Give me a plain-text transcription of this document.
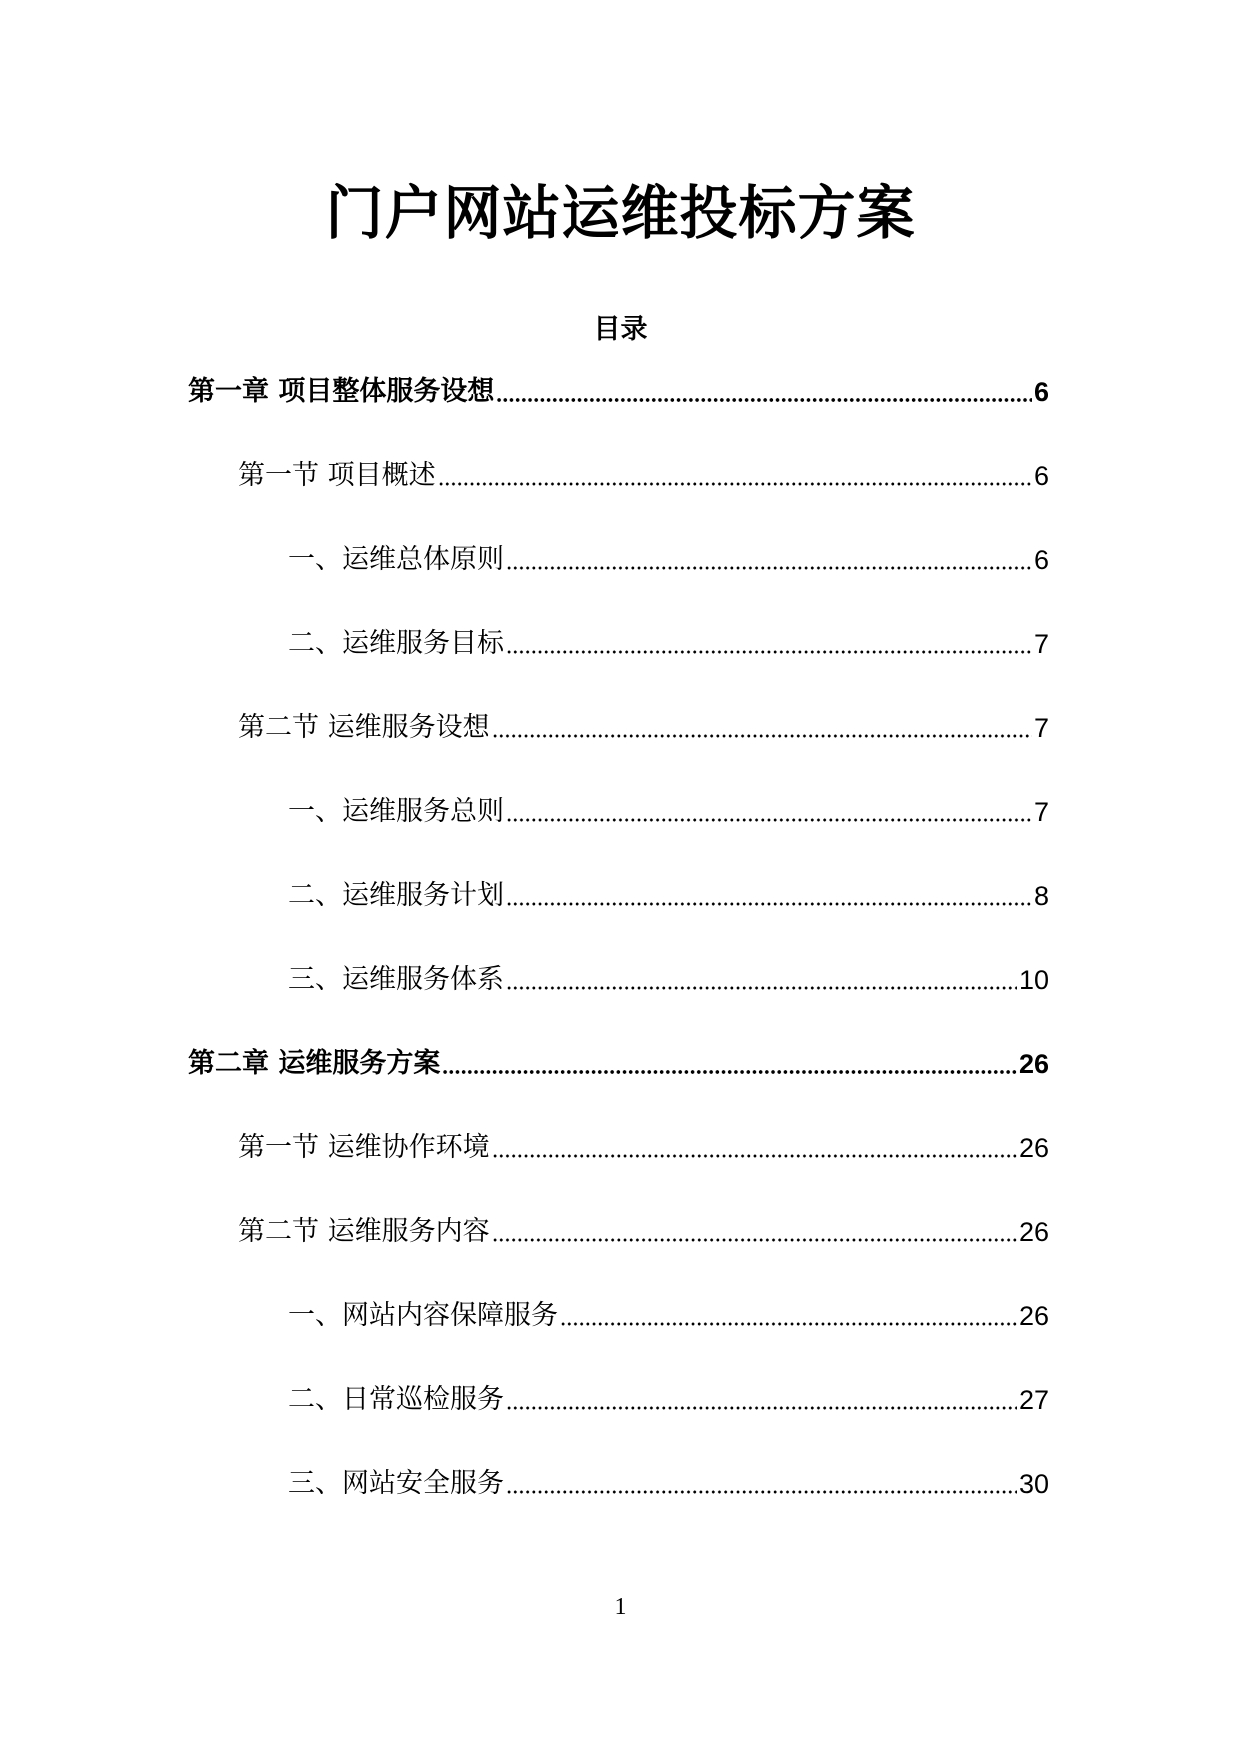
门户网站运维投标方案
目录
第一章 项目整体服务设想	6
第一节 项目概述	6
一、运维总体原则	6
二、运维服务目标	7
第二节 运维服务设想	7
一、运维服务总则	7
二、运维服务计划	8
三、运维服务体系	10
第二章 运维服务方案	26
第一节 运维协作环境	26
第二节 运维服务内容	26
一、网站内容保障服务	26
二、日常巡检服务	27
三、网站安全服务	30
1
